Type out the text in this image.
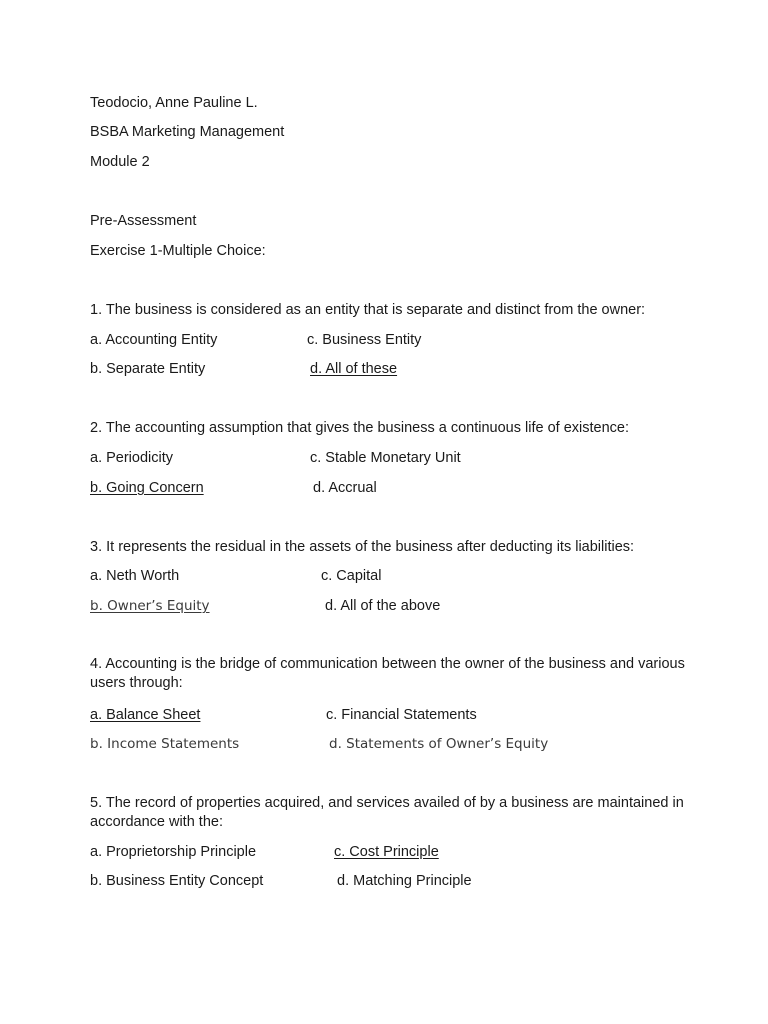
Teodocio, Anne Pauline L.
BSBA Marketing Management
Module 2
Pre-Assessment
Exercise 1-Multiple Choice:
1. The business is considered as an entity that is separate and distinct from the owner:
a. Accounting Entity	c. Business Entity
b. Separate Entity	d. All of these
2. The accounting assumption that gives the business a continuous life of existence:
a. Periodicity	c. Stable Monetary Unit
b. Going Concern	d. Accrual
3. It represents the residual in the assets of the business after deducting its liabilities:
a. Neth Worth	c. Capital
b. Owner’s Equity	d. All of the above
4. Accounting is the bridge of communication between the owner of the business and various users through:
a. Balance Sheet	c. Financial Statements
b. Income Statements	d. Statements of Owner’s Equity
5. The record of properties acquired, and services availed of by a business are maintained in accordance with the:
a. Proprietorship Principle	c. Cost Principle
b. Business Entity Concept	d. Matching Principle
